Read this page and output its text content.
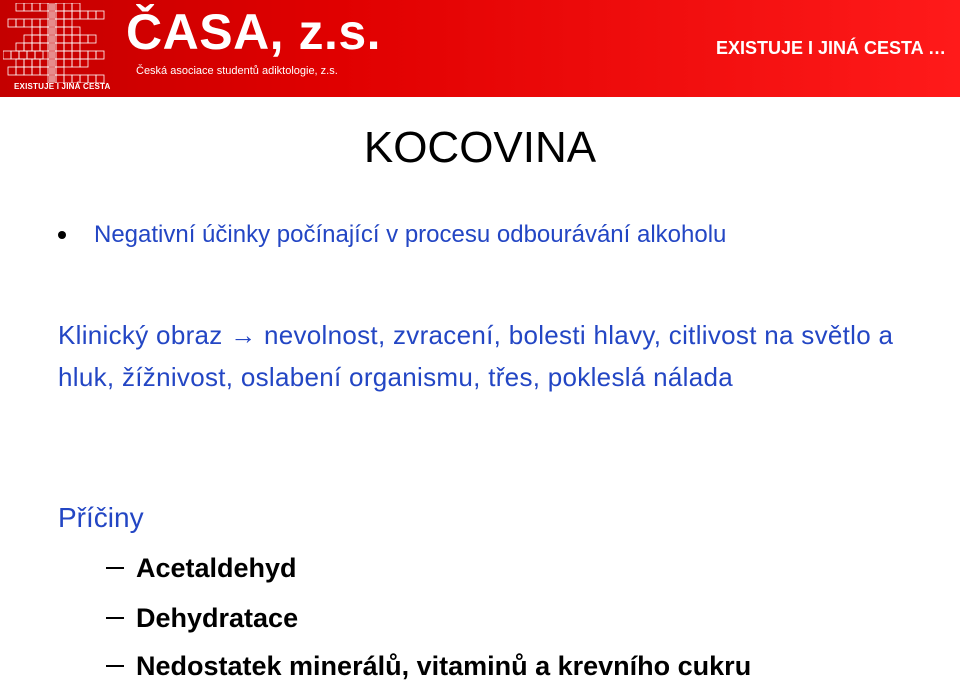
EXISTUJE I JINÁ CESTA
ČASA, z.s.
Česká asociace studentů adiktologie, z.s.
EXISTUJE I JINÁ CESTA …
KOCOVINA
Negativní účinky počínající v procesu odbourávání alkoholu
Klinický obraz → nevolnost, zvracení, bolesti hlavy, citlivost na světlo a hluk, žížnivost, oslabení organismu, třes, pokleslá nálada
Příčiny
Acetaldehyd
Dehydratace
Nedostatek minerálů, vitaminů a krevního cukru
